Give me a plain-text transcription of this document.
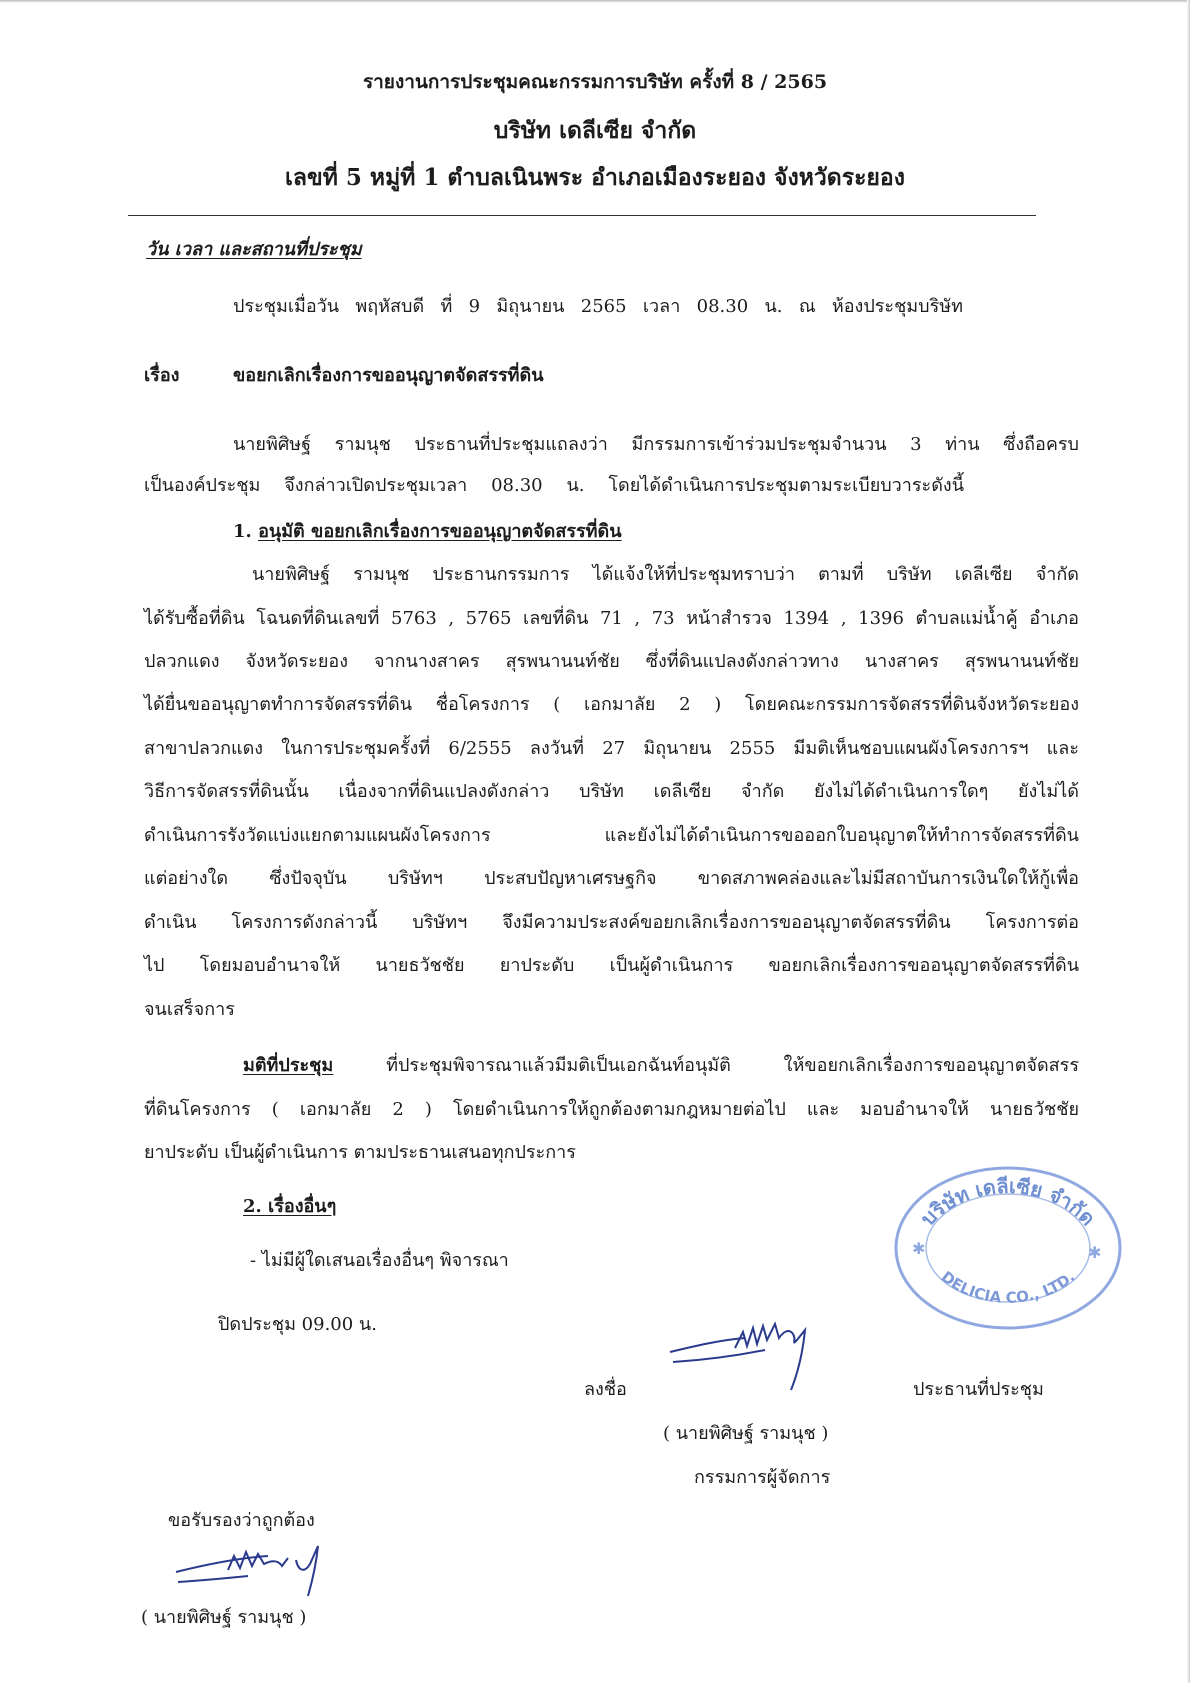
รายงานการประชุมคณะกรรมการบริษัท ครั้งที่ 8 / 2565
บริษัท เดลีเซีย จำกัด
เลขที่ 5 หมู่ที่ 1 ตำบลเนินพระ อำเภอเมืองระยอง จังหวัดระยอง
วัน เวลา และสถานที่ประชุม
ประชุมเมื่อวัน พฤหัสบดี ที่ 9 มิถุนายน 2565 เวลา 08.30 น. ณ ห้องประชุมบริษัท
เรื่อง	ขอยกเลิกเรื่องการขออนุญาตจัดสรรที่ดิน
นายพิศิษฐ์ รามนุช ประธานที่ประชุมแถลงว่า มีกรรมการเข้าร่วมประชุมจำนวน 3 ท่าน ซึ่งถือครบ
เป็นองค์ประชุม จึงกล่าวเปิดประชุมเวลา 08.30 น. โดยได้ดำเนินการประชุมตามระเบียบวาระดังนี้
1. อนุมัติ ขอยกเลิกเรื่องการขออนุญาตจัดสรรที่ดิน
นายพิศิษฐ์ รามนุช ประธานกรรมการ ได้แจ้งให้ที่ประชุมทราบว่า ตามที่ บริษัท เดลีเซีย จำกัด
ได้รับซื้อที่ดิน โฉนดที่ดินเลขที่ 5763 , 5765 เลขที่ดิน 71 , 73 หน้าสำรวจ 1394 , 1396 ตำบลแม่น้ำคู้ อำเภอ
ปลวกแดง จังหวัดระยอง จากนางสาคร สุรพนานนท์ชัย ซึ่งที่ดินแปลงดังกล่าวทาง นางสาคร สุรพนานนท์ชัย
ได้ยื่นขออนุญาตทำการจัดสรรที่ดิน ชื่อโครงการ ( เอกมาลัย 2 ) โดยคณะกรรมการจัดสรรที่ดินจังหวัดระยอง
สาขาปลวกแดง ในการประชุมครั้งที่ 6/2555 ลงวันที่ 27 มิถุนายน 2555 มีมติเห็นชอบแผนผังโครงการฯ และ
วิธีการจัดสรรที่ดินนั้น เนื่องจากที่ดินแปลงดังกล่าว บริษัท เดลีเซีย จำกัด ยังไม่ได้ดำเนินการใดๆ ยังไม่ได้
ดำเนินการรังวัดแบ่งแยกตามแผนผังโครงการ และยังไม่ได้ดำเนินการขอออกใบอนุญาตให้ทำการจัดสรรที่ดิน
แต่อย่างใด ซึ่งปัจจุบัน บริษัทฯ ประสบปัญหาเศรษฐกิจ ขาดสภาพคล่องและไม่มีสถาบันการเงินใดให้กู้เพื่อ
ดำเนิน โครงการดังกล่าวนี้ บริษัทฯ จึงมีความประสงค์ขอยกเลิกเรื่องการขออนุญาตจัดสรรที่ดิน โครงการต่อ
ไป โดยมอบอำนาจให้ นายธวัชชัย ยาประดับ เป็นผู้ดำเนินการ ขอยกเลิกเรื่องการขออนุญาตจัดสรรที่ดิน
จนเสร็จการ
มติที่ประชุม ที่ประชุมพิจารณาแล้วมีมติเป็นเอกฉันท์อนุมัติ ให้ขอยกเลิกเรื่องการขออนุญาตจัดสรร
ที่ดินโครงการ ( เอกมาลัย 2 ) โดยดำเนินการให้ถูกต้องตามกฎหมายต่อไป และ มอบอำนาจให้ นายธวัชชัย
ยาประดับ เป็นผู้ดำเนินการ ตามประธานเสนอทุกประการ
2. เรื่องอื่นๆ
- ไม่มีผู้ใดเสนอเรื่องอื่นๆ พิจารณา
ปิดประชุม 09.00 น.
ลงชื่อ	ประธานที่ประชุม
( นายพิศิษฐ์ รามนุช )
กรรมการผู้จัดการ
บริษัท เดลีเซีย จำกัด
DELICIA CO., LTD.
✱	✱
ขอรับรองว่าถูกต้อง
( นายพิศิษฐ์ รามนุช )
